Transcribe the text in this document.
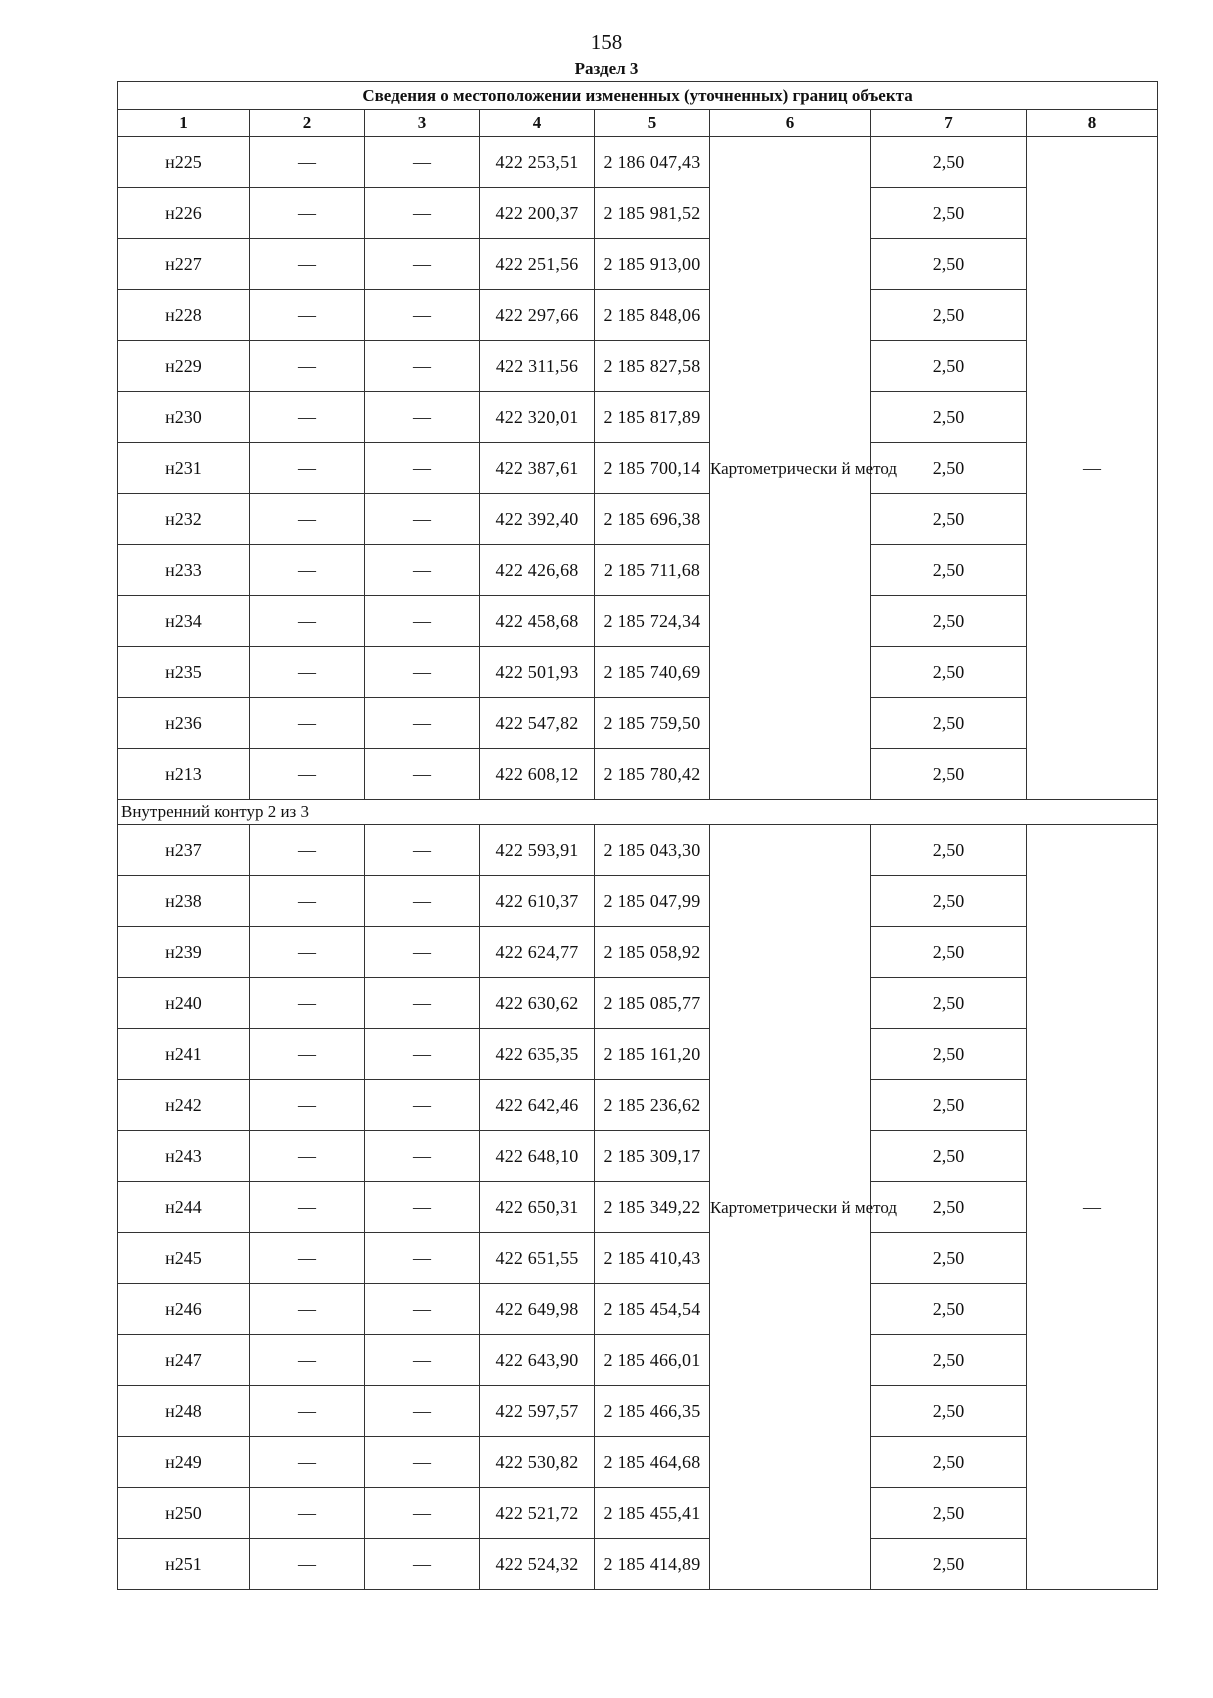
158
Раздел 3
Сведения о местоположении измененных (уточненных) границ объекта							
1	2	3	4	5	6	7	8
н225	—	—	422 253,51	2 186 047,43	Картометрически й метод	2,50	—
н226	—	—	422 200,37	2 185 981,52		2,50	
н227	—	—	422 251,56	2 185 913,00		2,50	
н228	—	—	422 297,66	2 185 848,06		2,50	
н229	—	—	422 311,56	2 185 827,58		2,50	
н230	—	—	422 320,01	2 185 817,89		2,50	
н231	—	—	422 387,61	2 185 700,14		2,50	
н232	—	—	422 392,40	2 185 696,38		2,50	
н233	—	—	422 426,68	2 185 711,68		2,50	
н234	—	—	422 458,68	2 185 724,34		2,50	
н235	—	—	422 501,93	2 185 740,69		2,50	
н236	—	—	422 547,82	2 185 759,50		2,50	
н213	—	—	422 608,12	2 185 780,42		2,50	
Внутренний контур 2 из 3							
н237	—	—	422 593,91	2 185 043,30	Картометрически й метод	2,50	—
н238	—	—	422 610,37	2 185 047,99		2,50	
н239	—	—	422 624,77	2 185 058,92		2,50	
н240	—	—	422 630,62	2 185 085,77		2,50	
н241	—	—	422 635,35	2 185 161,20		2,50	
н242	—	—	422 642,46	2 185 236,62		2,50	
н243	—	—	422 648,10	2 185 309,17		2,50	
н244	—	—	422 650,31	2 185 349,22		2,50	
н245	—	—	422 651,55	2 185 410,43		2,50	
н246	—	—	422 649,98	2 185 454,54		2,50	
н247	—	—	422 643,90	2 185 466,01		2,50	
н248	—	—	422 597,57	2 185 466,35		2,50	
н249	—	—	422 530,82	2 185 464,68		2,50	
н250	—	—	422 521,72	2 185 455,41		2,50	
н251	—	—	422 524,32	2 185 414,89		2,50	
